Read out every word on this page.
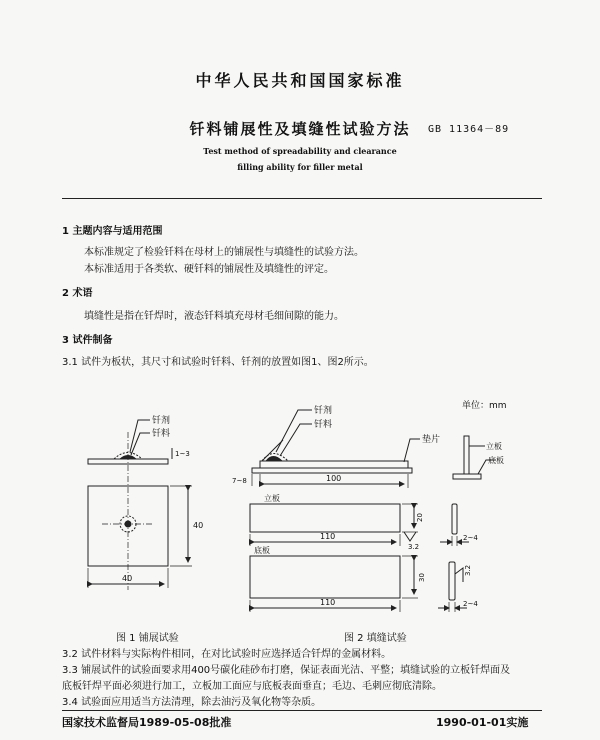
中华人民共和国国家标准
钎料铺展性及填缝性试验方法	GB 11364－89
Test method of spreadability and clearance
filling ability for filler metal
1 主题内容与适用范围
本标准规定了检验钎料在母材上的铺展性与填缝性的试验方法。
本标准适用于各类软、硬钎料的铺展性及填缝性的评定。
2 术语
填缝性是指在钎焊时，液态钎料填充母材毛细间隙的能力。
3 试件制备
3.1 试件为板状，其尺寸和试验时钎料、钎剂的放置如图1、图2所示。
钎剂
钎料
1~3
40
40
单位：mm
钎剂
钎料
垫片
立板
底板
7~8	100
立板
20
3.2
110
底板
30
110
3.2
2~4
2~4
图 1 铺展试验	图 2 填缝试验
3.2 试件材料与实际构件相同，在对比试验时应选择适合钎焊的金属材料。
3.3 铺展试件的试验面要求用400号碳化硅砂布打磨，保证表面光洁、平整；填缝试验的立板钎焊面及
底板钎焊平面必须进行加工，立板加工面应与底板表面垂直；毛边、毛刺应彻底清除。
3.4 试验面应用适当方法清理，除去油污及氧化物等杂质。
国家技术监督局1989-05-08批准	1990-01-01实施
